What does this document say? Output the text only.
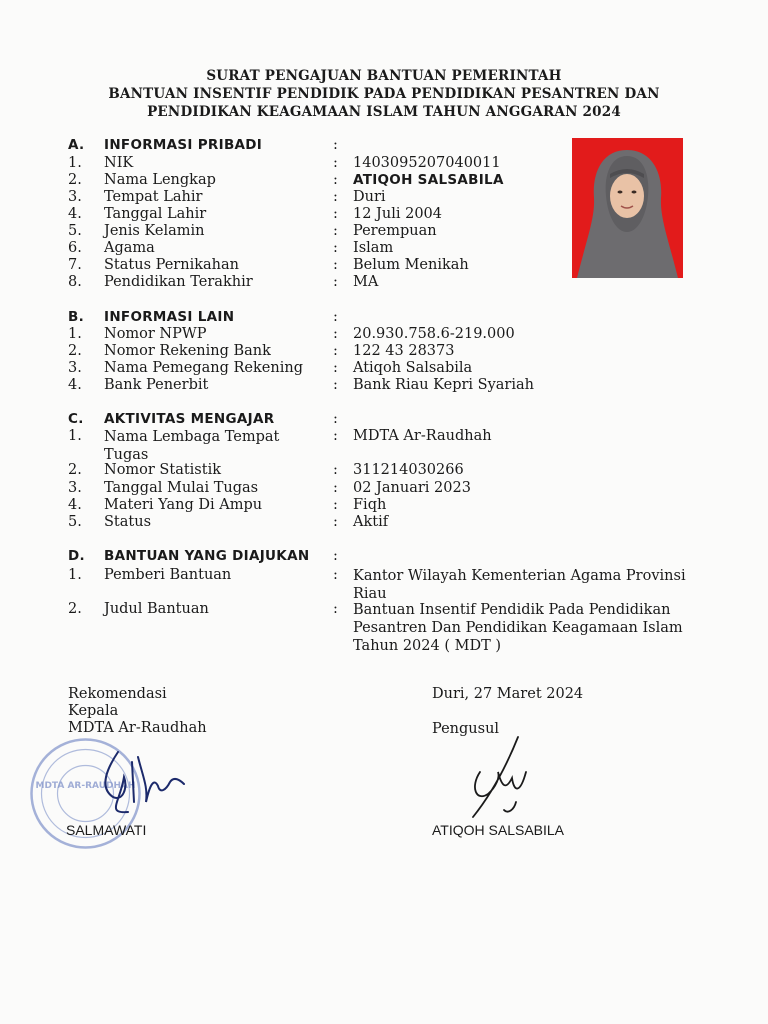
SURAT PENGAJUAN BANTUAN PEMERINTAH
BANTUAN INSENTIF PENDIDIK PADA PENDIDIKAN PESANTREN DAN
PENDIDIKAN KEAGAMAAN ISLAM TAHUN ANGGARAN 2024
A. INFORMASI PRIBADI	:
1. NIK	: 1403095207040011
2. Nama Lengkap	: ATIQOH SALSABILA
3. Tempat Lahir	: Duri
4. Tanggal Lahir	: 12 Juli 2004
5. Jenis Kelamin	: Perempuan
6. Agama	: Islam
7. Status Pernikahan	: Belum Menikah
8. Pendidikan Terakhir	: MA
B. INFORMASI LAIN	:
1. Nomor NPWP	: 20.930.758.6-219.000
2. Nomor Rekening Bank	: 122 43 28373
3. Nama Pemegang Rekening : Atiqoh Salsabila
4. Bank Penerbit	: Bank Riau Kepri Syariah
C. AKTIVITAS MENGAJAR	:
1. Nama Lembaga Tempat Tugas
: MDTA Ar-Raudhah
2. Nomor Statistik	: 311214030266
3. Tanggal Mulai Tugas	: 02 Januari 2023
4. Materi Yang Di Ampu	: Fiqh
5. Status	: Aktif
D. BANTUAN YANG DIAJUKAN :
1. Pemberi Bantuan	: Kantor Wilayah Kementerian Agama Provinsi Riau
2. Judul Bantuan	: Bantuan Insentif Pendidik Pada Pendidikan Pesantren Dan Pendidikan Keagamaan Islam Tahun 2024 ( MDT )
Rekomendasi
Kepala
MDTA Ar-Raudhah
MDTA AR-RAUDHAH
SALMAWATI
Duri, 27 Maret 2024
Pengusul
ATIQOH SALSABILA
